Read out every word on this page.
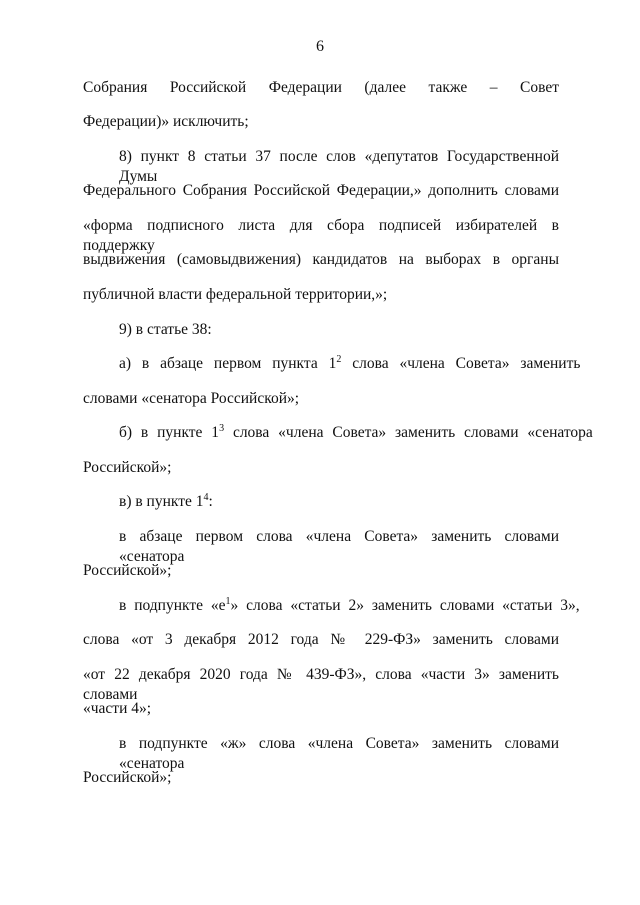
6
Собрания Российской Федерации (далее также – Совет
Федерации)» исключить;
8) пункт 8 статьи 37 после слов «депутатов Государственной Думы
Федерального Собрания Российской Федерации,» дополнить словами
«форма подписного листа для сбора подписей избирателей в поддержку
выдвижения (самовыдвижения) кандидатов на выборах в органы
публичной власти федеральной территории,»;
9) в статье 38:
а) в абзаце первом пункта $1^2$ слова «члена Совета» заменить
словами «сенатора Российской»;
б) в пункте $1^3$ слова «члена Совета» заменить словами «сенатора
Российской»;
в) в пункте $1^4$:
в абзаце первом слова «члена Совета» заменить словами «сенатора
Российской»;
в подпункте «$е^1$» слова «статьи 2» заменить словами «статьи 3»,
слова «от 3 декабря 2012 года № 229-ФЗ» заменить словами
«от 22 декабря 2020 года № 439-ФЗ», слова «части 3» заменить словами
«части 4»;
в подпункте «ж» слова «члена Совета» заменить словами «сенатора
Российской»;
